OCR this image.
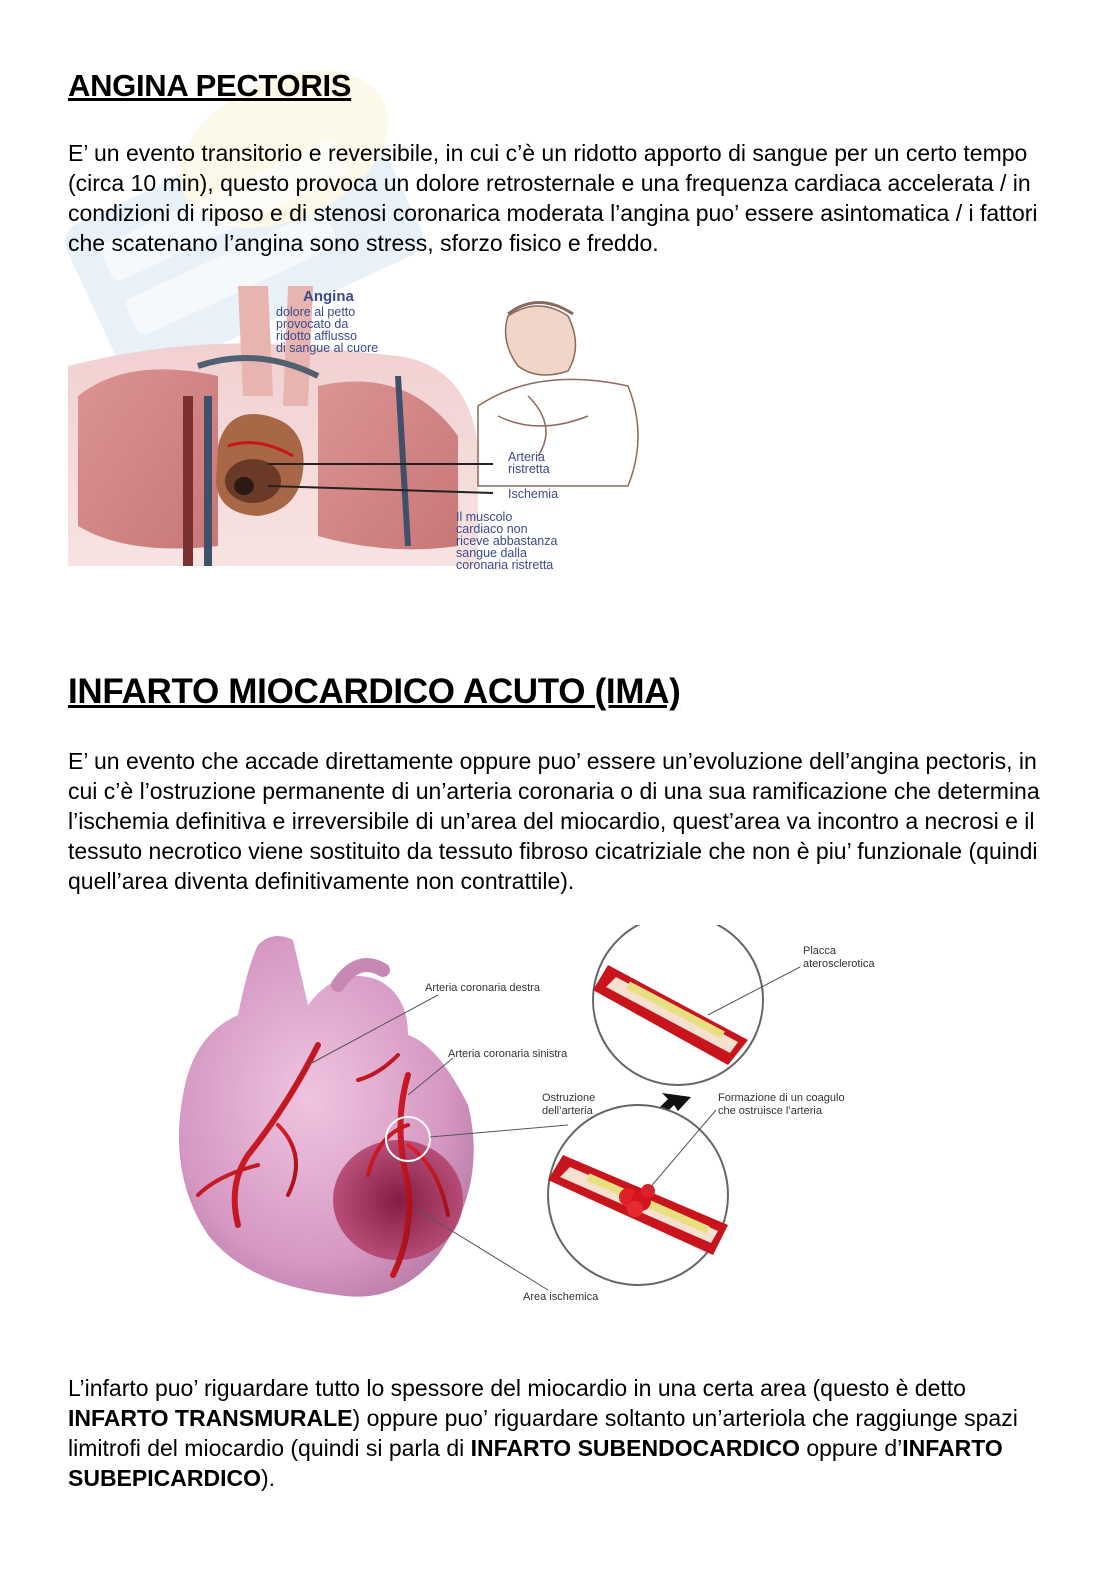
ANGINA PECTORIS

E’ un evento transitorio e reversibile, in cui c’è un ridotto apporto di sangue per un certo tempo (circa 10 min), questo provoca un dolore retrosternale e una frequenza cardiaca accelerata / in condizioni di riposo e di stenosi coronarica moderata l’angina puo’ essere asintomatica / i fattori che scatenano l’angina sono stress, sforzo fisico e freddo.

Angina
dolore al petto
provocato da
ridotto afflusso
di sangue al cuore
Arteria
ristretta
Ischemia
Il muscolo
cardiaco non
riceve abbastanza
sangue dalla
coronaria ristretta
INFARTO MIOCARDICO ACUTO (IMA)

E’ un evento che accade direttamente oppure puo’ essere un’evoluzione dell’angina pectoris, in cui c’è l’ostruzione permanente di un’arteria coronaria o di una sua ramificazione che determina l’ischemia definitiva e irreversibile di un’area del miocardio, quest’area va incontro a necrosi e il tessuto necrotico viene sostituito da tessuto fibroso cicatriziale che non è piu’ funzionale (quindi quell’area diventa definitivamente non contrattile).

Arteria coronaria destra
Arteria coronaria sinistra
Placca
aterosclerotica
Ostruzione
dell’arteria
Formazione di un coagulo
che ostruisce l’arteria
Area ischemica

L’infarto puo’ riguardare tutto lo spessore del miocardio in una certa area (questo è detto INFARTO TRANSMURALE) oppure puo’ riguardare soltanto un’arteriola che raggiunge spazi limitrofi del miocardio (quindi si parla di INFARTO SUBENDOCARDICO oppure d’INFARTO SUBEPICARDICO).
